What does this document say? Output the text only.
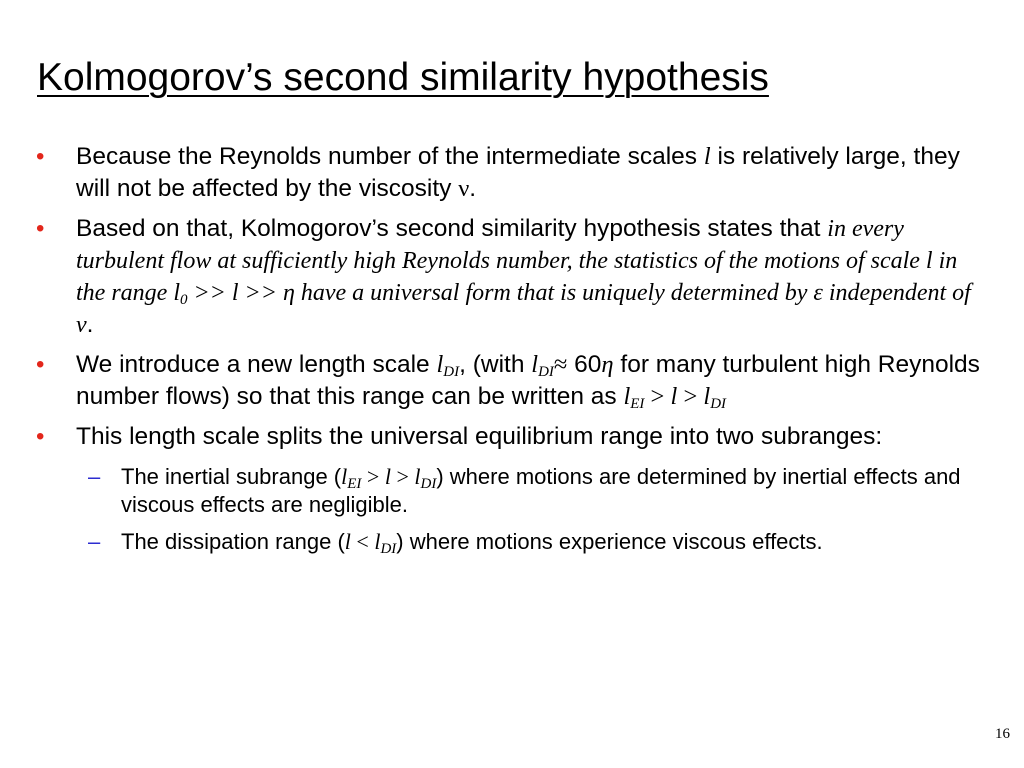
Kolmogorov’s second similarity hypothesis
• Because the Reynolds number of the intermediate scales l is relatively large, they will not be affected by the viscosity ν.
• Based on that, Kolmogorov’s second similarity hypothesis states that in every turbulent flow at sufficiently high Reynolds number, the statistics of the motions of scale l in the range $l_0 >> l >> \eta$ have a universal form that is uniquely determined by ε independent of ν.
• We introduce a new length scale $l_{DI}$, (with $l_{DI}\approx 60\eta$ for many turbulent high Reynolds number flows) so that this range can be written as $l_{EI} > l > l_{DI}$
• This length scale splits the universal equilibrium range into two subranges:
– The inertial subrange $(l_{EI} > l > l_{DI})$ where motions are determined by inertial effects and viscous effects are negligible.
– The dissipation range $(l < l_{DI})$ where motions experience viscous effects.
16
